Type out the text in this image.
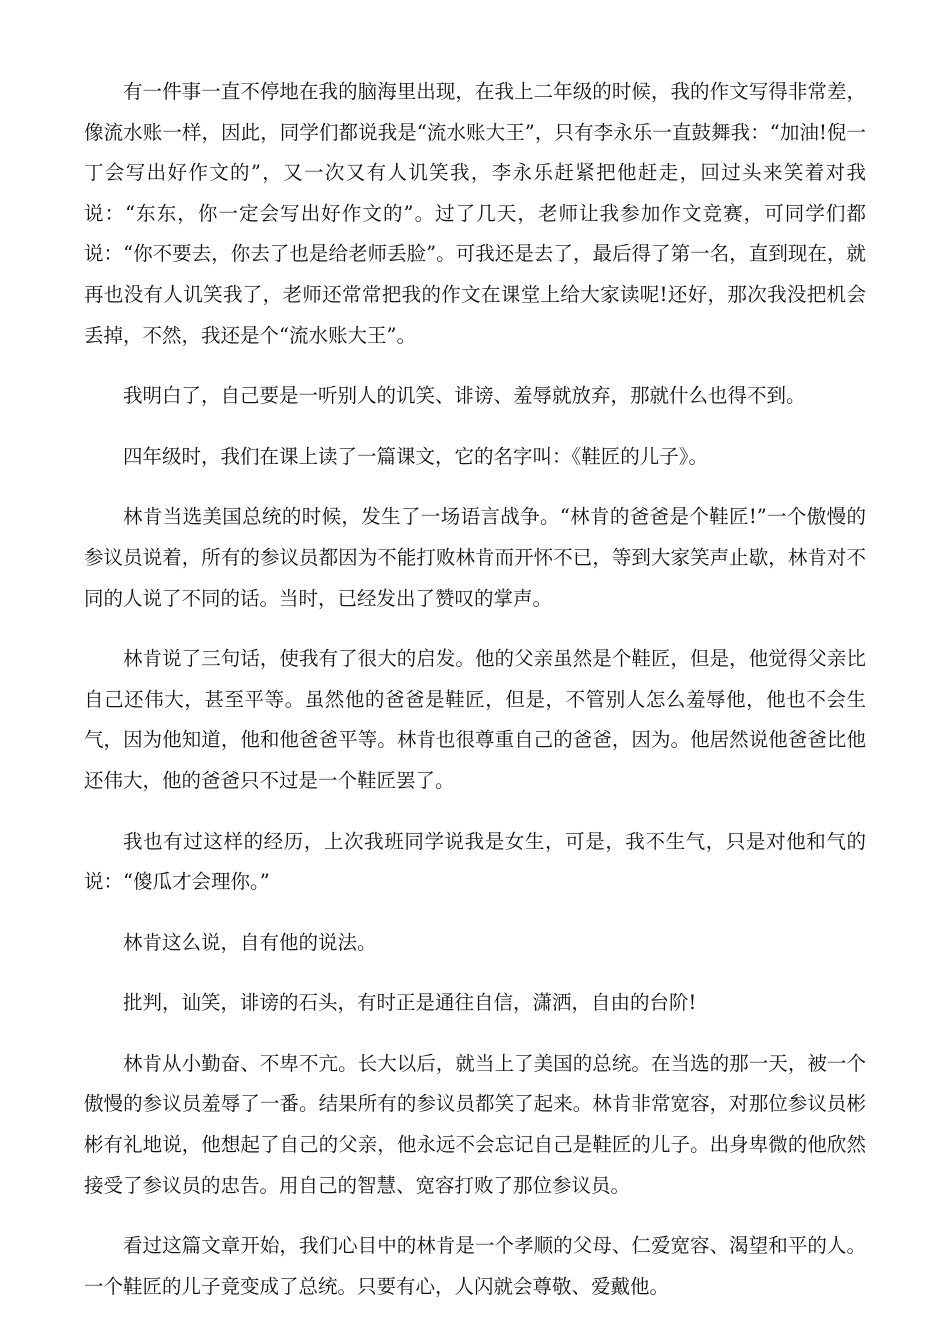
有一件事一直不停地在我的脑海里出现，在我上二年级的时候，我的作文写得非常差，像流水账一样，因此，同学们都说我是“流水账大王”，只有李永乐一直鼓舞我：“加油!倪一丁会写出好作文的”，又一次又有人讥笑我，李永乐赶紧把他赶走，回过头来笑着对我说：“东东，你一定会写出好作文的”。过了几天，老师让我参加作文竞赛，可同学们都说：“你不要去，你去了也是给老师丢脸”。可我还是去了，最后得了第一名，直到现在，就再也没有人讥笑我了，老师还常常把我的作文在课堂上给大家读呢!还好，那次我没把机会丢掉，不然，我还是个“流水账大王”。

我明白了，自己要是一听别人的讥笑、诽谤、羞辱就放弃，那就什么也得不到。

四年级时，我们在课上读了一篇课文，它的名字叫：《鞋匠的儿子》。

林肯当选美国总统的时候，发生了一场语言战争。“林肯的爸爸是个鞋匠!”一个傲慢的参议员说着，所有的参议员都因为不能打败林肯而开怀不已，等到大家笑声止歇，林肯对不同的人说了不同的话。当时，已经发出了赞叹的掌声。

林肯说了三句话，使我有了很大的启发。他的父亲虽然是个鞋匠，但是，他觉得父亲比自己还伟大，甚至平等。虽然他的爸爸是鞋匠，但是，不管别人怎么羞辱他，他也不会生气，因为他知道，他和他爸爸平等。林肯也很尊重自己的爸爸，因为。他居然说他爸爸比他还伟大，他的爸爸只不过是一个鞋匠罢了。

我也有过这样的经历，上次我班同学说我是女生，可是，我不生气，只是对他和气的说：“傻瓜才会理你。”

林肯这么说，自有他的说法。

批判，讪笑，诽谤的石头，有时正是通往自信，潇洒，自由的台阶!

林肯从小勤奋、不卑不亢。长大以后，就当上了美国的总统。在当选的那一天，被一个傲慢的参议员羞辱了一番。结果所有的参议员都笑了起来。林肯非常宽容，对那位参议员彬彬有礼地说，他想起了自己的父亲，他永远不会忘记自己是鞋匠的儿子。出身卑微的他欣然接受了参议员的忠告。用自己的智慧、宽容打败了那位参议员。

看过这篇文章开始，我们心目中的林肯是一个孝顺的父母、仁爱宽容、渴望和平的人。一个鞋匠的儿子竟变成了总统。只要有心，人闪就会尊敬、爱戴他。
